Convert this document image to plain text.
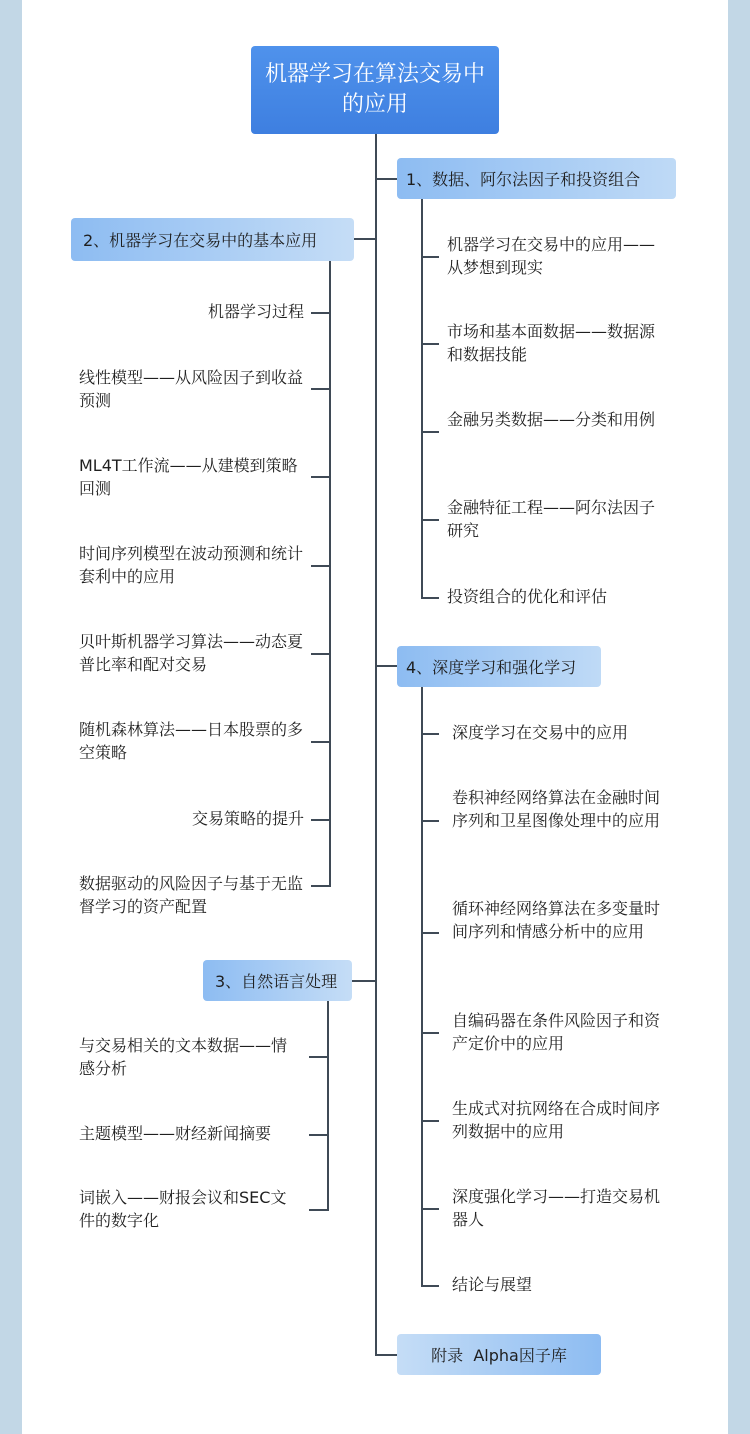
机器学习在算法交易中的应用
1、数据、阿尔法因子和投资组合
2、机器学习在交易中的基本应用
3、自然语言处理
4、深度学习和强化学习
附录  Alpha因子库
机器学习在交易中的应用——从梦想到现实
市场和基本面数据——数据源和数据技能
金融另类数据——分类和用例
金融特征工程——阿尔法因子研究
投资组合的优化和评估
机器学习过程
线性模型——从风险因子到收益预测
ML4T工作流——从建模到策略回测
时间序列模型在波动预测和统计套利中的应用
贝叶斯机器学习算法——动态夏普比率和配对交易
随机森林算法——日本股票的多空策略
交易策略的提升
数据驱动的风险因子与基于无监督学习的资产配置
与交易相关的文本数据——情感分析
主题模型——财经新闻摘要
词嵌入——财报会议和SEC文件的数字化
深度学习在交易中的应用
卷积神经网络算法在金融时间序列和卫星图像处理中的应用
循环神经网络算法在多变量时间序列和情感分析中的应用
自编码器在条件风险因子和资产定价中的应用
生成式对抗网络在合成时间序列数据中的应用
深度强化学习——打造交易机器人
结论与展望
